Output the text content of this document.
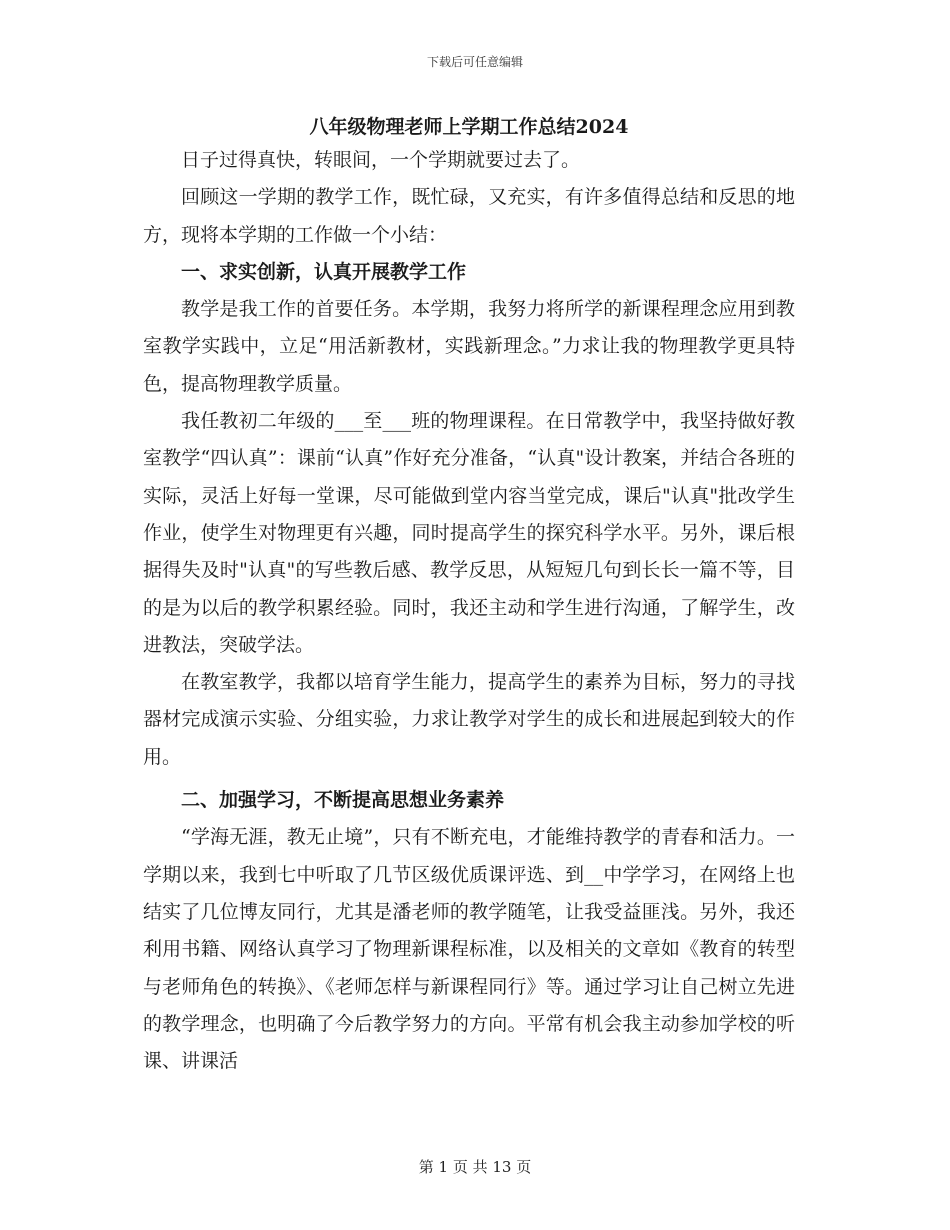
下载后可任意编辑
八年级物理老师上学期工作总结2024

日子过得真快，转眼间，一个学期就要过去了。

回顾这一学期的教学工作，既忙碌，又充实，有许多值得总结和反思的地方，现将本学期的工作做一个小结：

一、求实创新，认真开展教学工作

教学是我工作的首要任务。本学期，我努力将所学的新课程理念应用到教室教学实践中，立足“用活新教材，实践新理念。”力求让我的物理教学更具特色，提高物理教学质量。

我任教初二年级的___至___班的物理课程。在日常教学中，我坚持做好教室教学“四认真”：课前“认真”作好充分准备，“认真"设计教案，并结合各班的实际，灵活上好每一堂课，尽可能做到堂内容当堂完成，课后"认真"批改学生作业，使学生对物理更有兴趣，同时提高学生的探究科学水平。另外，课后根据得失及时"认真"的写些教后感、教学反思，从短短几句到长长一篇不等，目的是为以后的教学积累经验。同时，我还主动和学生进行沟通，了解学生，改进教法，突破学法。

在教室教学，我都以培育学生能力，提高学生的素养为目标，努力的寻找器材完成演示实验、分组实验，力求让教学对学生的成长和进展起到较大的作用。

二、加强学习，不断提高思想业务素养

“学海无涯，教无止境”，只有不断充电，才能维持教学的青春和活力。一学期以来，我到七中听取了几节区级优质课评选、到__中学学习，在网络上也结实了几位博友同行，尤其是潘老师的教学随笔，让我受益匪浅。另外，我还利用书籍、网络认真学习了物理新课程标准，以及相关的文章如《教育的转型与老师角色的转换》、《老师怎样与新课程同行》等。通过学习让自己树立先进的教学理念，也明确了今后教学努力的方向。平常有机会我主动参加学校的听课、讲课活

第 1 页 共 13 页
